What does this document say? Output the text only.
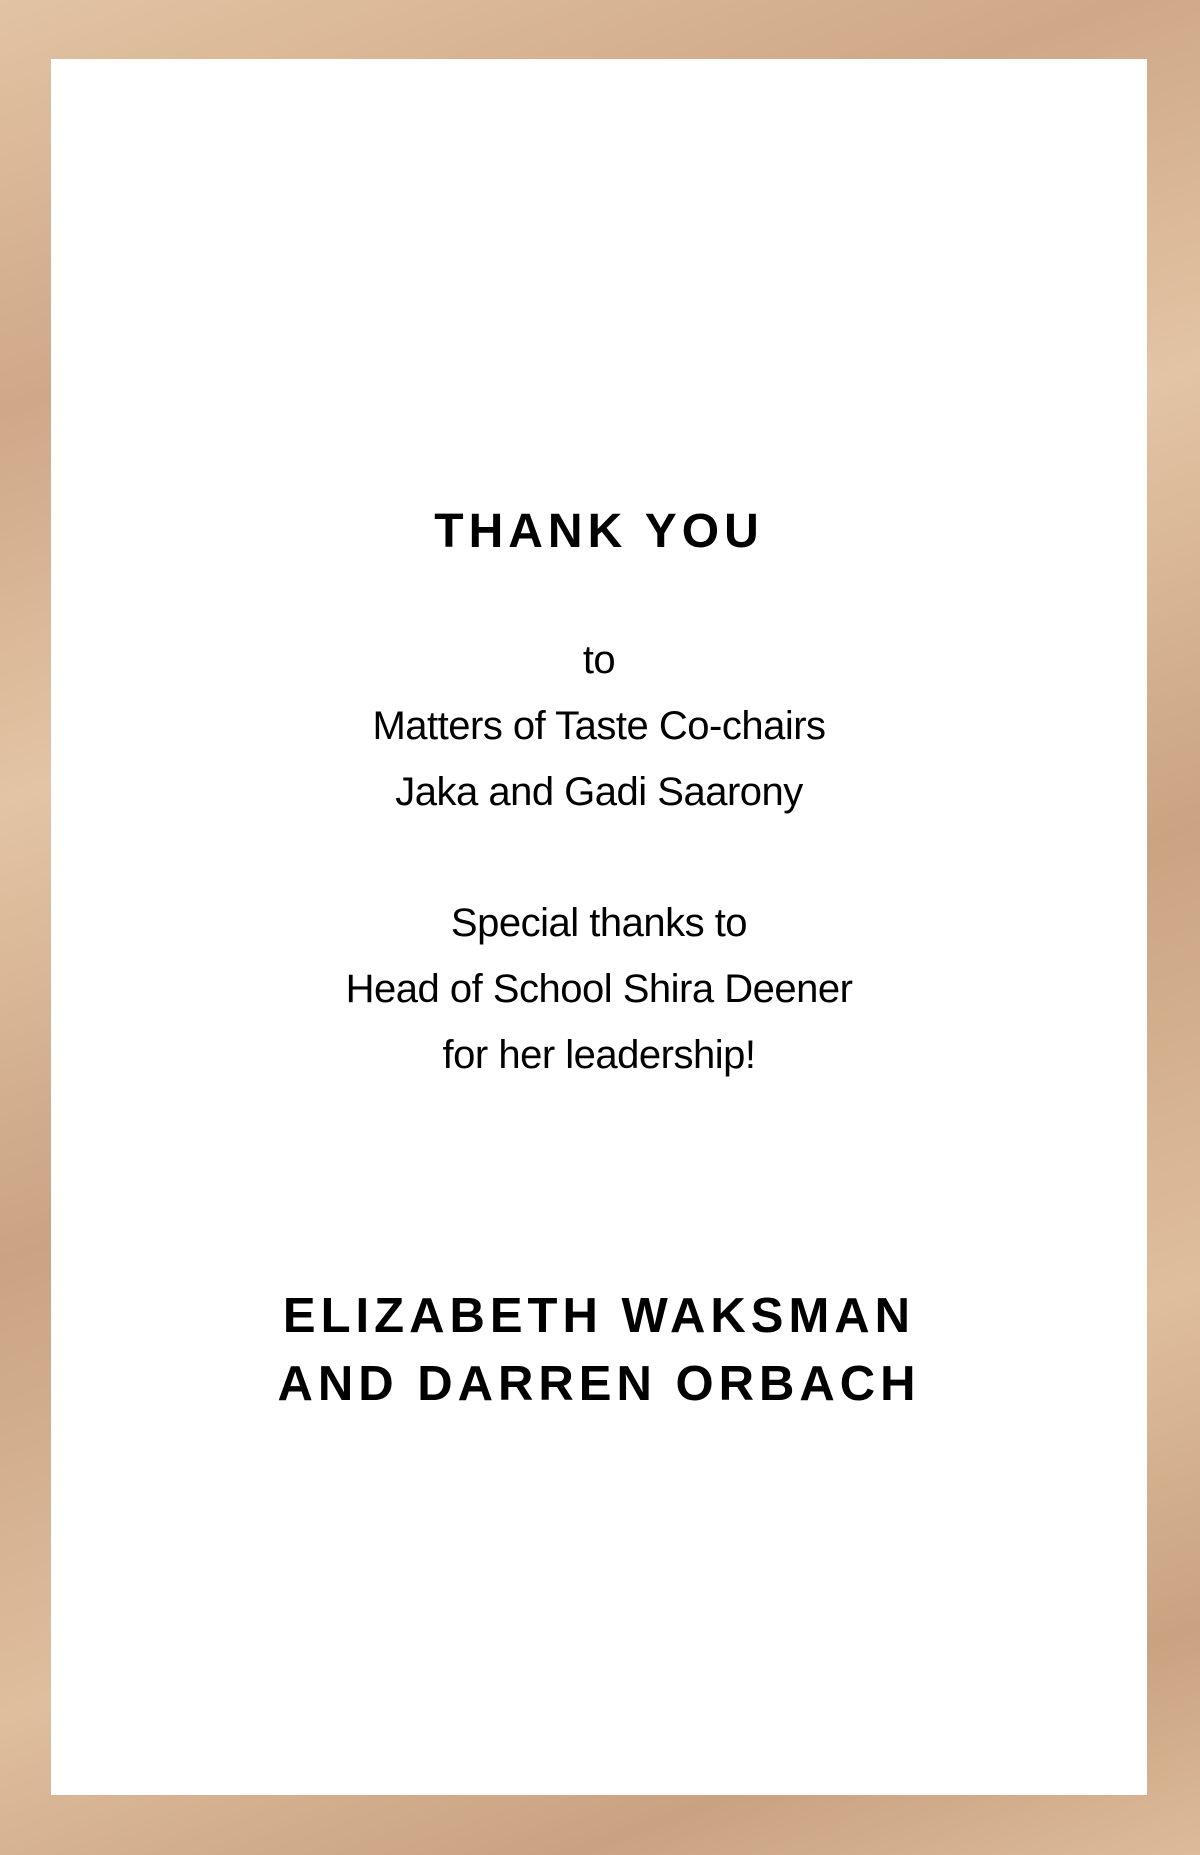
THANK YOU

to

Matters of Taste Co-chairs

Jaka and Gadi Saarony

Special thanks to

Head of School Shira Deener

for her leadership!

ELIZABETH WAKSMAN

AND DARREN ORBACH
